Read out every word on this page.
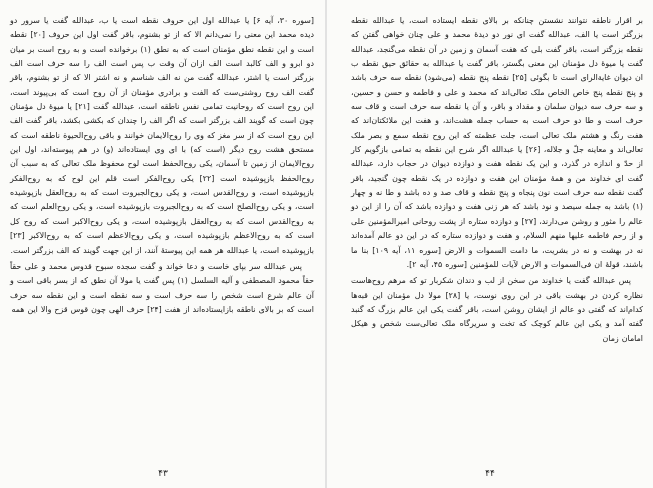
[سوره ۳۰، آیه ۶] یا عبدالله اول این حروف نقطه است یا ب، عبدالله گفت یا سرور دو دیده محمد این معنی را نمی‌دانم الا که از تو بشنوم، باقر گفت اول این حروف [۲۰] نقطه است و این نقطه نطق مؤمنان است که به نطق (۱) برخوانده است و به روح است بر میان دو ابرو و الف کالبد است الف ازان آن وقت ب پس است الف را سه حرف است الف بزرگتر است یا اشتر، عبدالله گفت من نه الف شناسم و نه اشتر الا که از تو بشنوم، باقر گفت الف روح روشنی‌ست که الفت و برادری مؤمنان از آن روح است که بی‌پیوند است، این روح است که روحانیت تمامی نفس ناطقه است، عبدالله گفت [۲۱] یا میوهٔ دل مؤمنان چون است که گویند الف بزرگتر است که اگر الف را چندان که بکشی بکشد، باقر گفت الف این روح است که از سر مغز که وی را روح‌الایمان خوانند و باقی روح‌الحیوة ناطقه است که مستحق هشت روح دیگر (است که) با ای وی ایستاده‌اند (و) در هم پیوسته‌اند، اول این روح‌الایمان از زمین تا آسمان، یکی روح‌الحفظ است لوح محفوظ ملک تعالی که به سبب آن روح‌الحفظ بازپوشیده است [۲۲] یکی روح‌الفکر است قلم این لوح که به روح‌الفکر بازپوشیده است، و روح‌القدس است، و یکی روح‌الجبروت است که به روح‌العقل بازپوشیده است، و یکی روح‌الصلح است که به روح‌الجبروت بازپوشیده است، و یکی روح‌العلم است که به روح‌القدس است که به روح‌العقل بازپوشیده است، و یکی روح‌الاکبر است که روح کل است که به روح‌الاعظم بازپوشیده است، و یکی روح‌الاعظم است که به روح‌الاکبر [۲۳] بازپوشیده است، یا عبدالله هر همه این پیوستهٔ آنند، از این جهت گویند که الف بزرگتر است.

پس عبدالله سر بپای خاست و دعا خواند و گفت سجده سبوح قدوس محمد و علی حقاً حقاً محمود المصطفی و آلیه السلسل (۱) پس گفت یا مولا آن نطق که از بسر باقی است و آن عالم شرع است شخص را سه حرف است و سه نقطه است و این نقطه سه حرف است که بر بالای ناطقه بازایستاده‌اند از هفت [۲۴] حرف الهی چون قوس قزح والا این همه

۴۳

بر اقرار ناطقه نتوانند نشستن چنانکه بر بالای نقطه ایستاده است، یا عبدالله نقطه بزرگتر است یا الف، عبدالله گفت ای نور دو دیدهٔ محمد و علی چنان خواهی گفتن که نقطه بزرگتر است، باقر گفت بلی که هفت آسمان و زمین در آن نقطه می‌گنجد، عبدالله گفت یا میوهٔ دل مؤمنان این معنی بگستر، باقر گفت یا عبدالله به حقائق حیق نقطه ب ان دیوان غایةالراى است تا بگوئی [۲۵] نقطه پنج نقطه (می‌شود) نقطه سه حرف باشد و پنج نقطه پنج خاص الخاص ملک تعالی‌اند که محمد و علی و فاطمه و حسن و حسین، و سه حرف سه دیوان سلمان و مقداد و باقر، و آن یا نقطه سه حرف است و قاف سه حرف است و طا دو حرف است به حساب جمله هشت‌اند، و هفت این ملائکتان‌اند که هفت رنگ و هشتم ملک تعالی است، جلت عظمته که این روح نقطه سمع و بصر ملک تعالی‌اند و معاینه جلّ و جلاله، [۲۶] یا عبدالله اگر شرح این نقطه به تمامی بازگویم کار از حدّ و اندازه در گذرد، و این یک نقطه هفت و دوازده دیوان در حجاب دارد، عبدالله گفت ای خداوند من و همهٔ مؤمنان این هفت و دوازده در یک نقطه چون گنجید، باقر گفت نقطه سه حرف است نون پنجاه و پنج نقطه و قاف صد و ده باشد و طا نه و چهار (۱) باشد به جمله سیصد و نود باشد که هر زنی هفت و دوازده باشد که آن را از این دو عالم را مثور و روشن می‌دارند، [۲۷] و دوازده ستاره از پشت روحانی امیرالمؤمنین علی و از رحم فاطمه علیها منهم السلام، و هفت و دوازده ستاره که در این دو عالم آمده‌اند نه در بهشت و نه در بشریت، ما دامت السموات و الارض [سوره ۱۱، آیه ۱۰۹] بنا ما باشند، قوله‌ٔ ان فی‌السموات و الارض لآیات للمؤمنین [سوره ۴۵، آیه ۲].

پس عبدالله گفت یا خداوند من سخن از لب و دندان شکربار تو که مرهم روح‌هاست نظاره کردن در بهشت باقی در این روی نوست، یا [۲۸] مولا دل مؤمنان این قبه‌ها کدام‌اند که گفتی دو عالم از ایشان روشن است، باقر گفت یکی این عالم بزرگ که گنبد گفته آمد و یکی این عالم کوچک که تخت و سریرگاه ملک تعالی‌ست شخص و هیکل امامان زمان

۴۴
